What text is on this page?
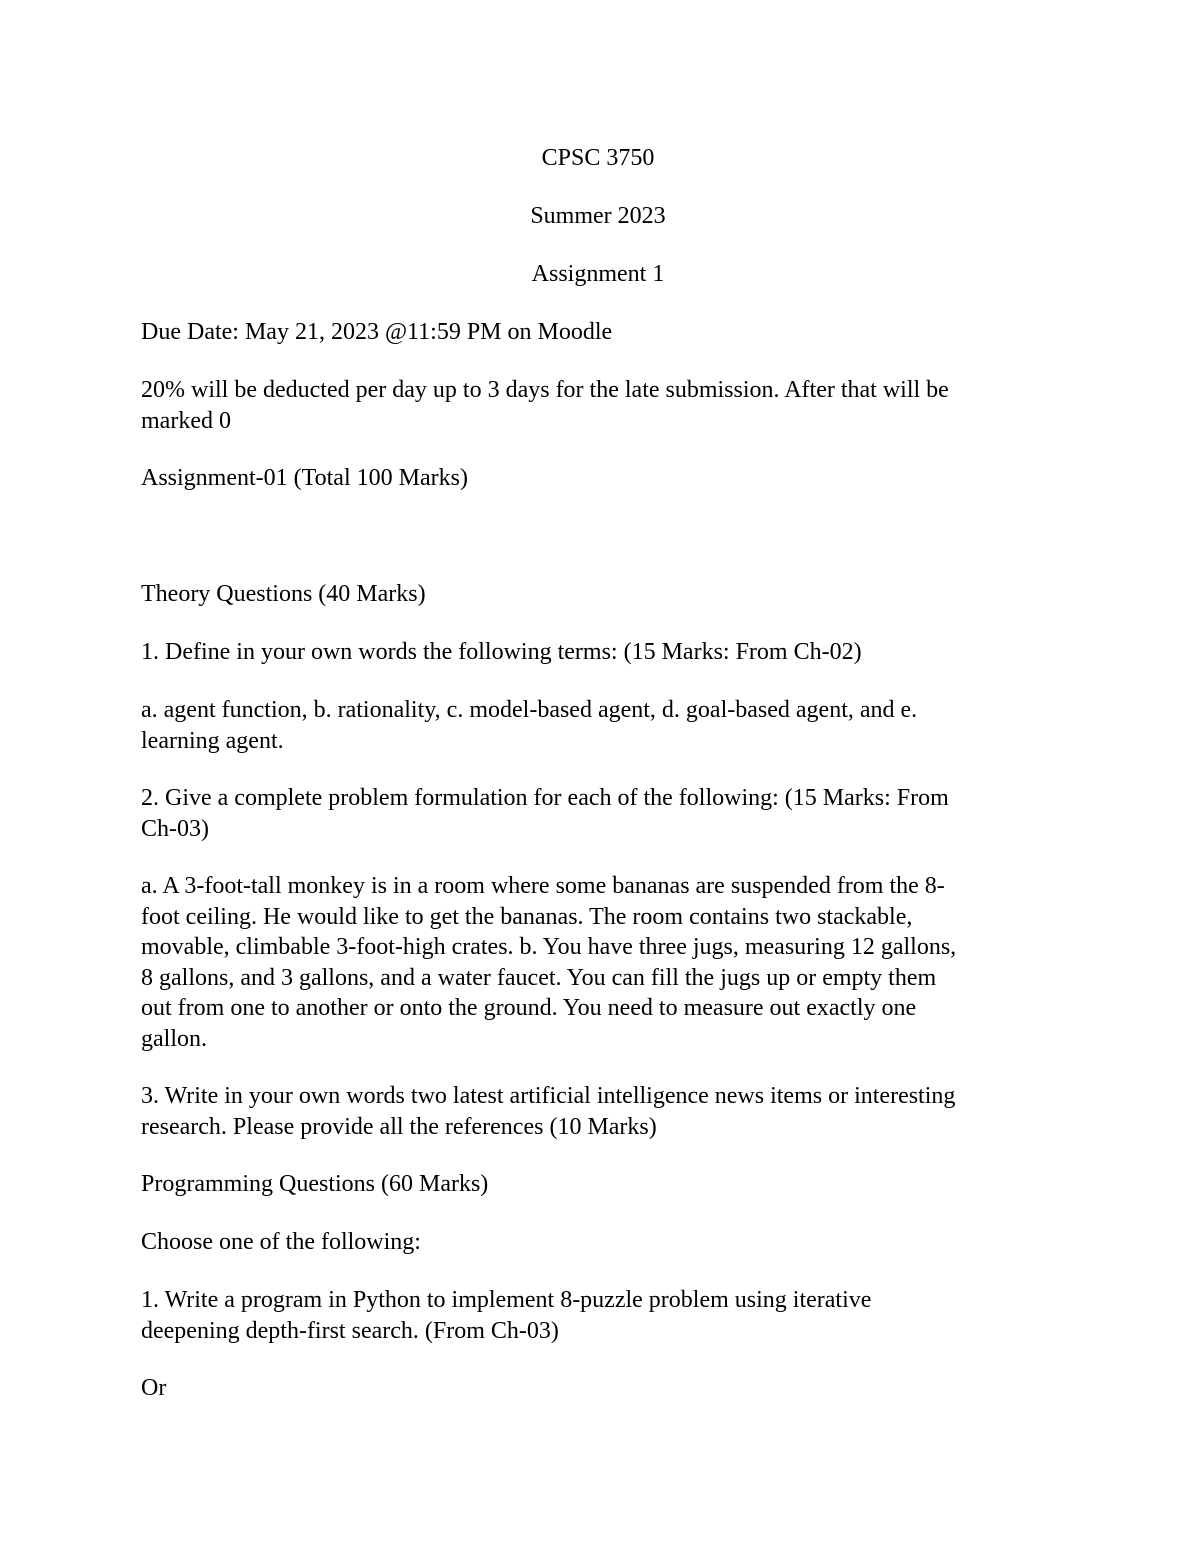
CPSC 3750
Summer 2023
Assignment 1
Due Date: May 21, 2023 @11:59 PM on Moodle
20% will be deducted per day up to 3 days for the late submission. After that will be
marked 0
Assignment-01 (Total 100 Marks)
Theory Questions (40 Marks)
1. Define in your own words the following terms: (15 Marks: From Ch-02)
a. agent function, b. rationality, c. model-based agent, d. goal-based agent, and e.
learning agent.
2. Give a complete problem formulation for each of the following: (15 Marks: From
Ch-03)
a. A 3-foot-tall monkey is in a room where some bananas are suspended from the 8-
foot ceiling. He would like to get the bananas. The room contains two stackable,
movable, climbable 3-foot-high crates. b. You have three jugs, measuring 12 gallons,
8 gallons, and 3 gallons, and a water faucet. You can fill the jugs up or empty them
out from one to another or onto the ground. You need to measure out exactly one
gallon.
3. Write in your own words two latest artificial intelligence news items or interesting
research. Please provide all the references (10 Marks)
Programming Questions (60 Marks)
Choose one of the following:
1. Write a program in Python to implement 8-puzzle problem using iterative
deepening depth-first search. (From Ch-03)
Or
